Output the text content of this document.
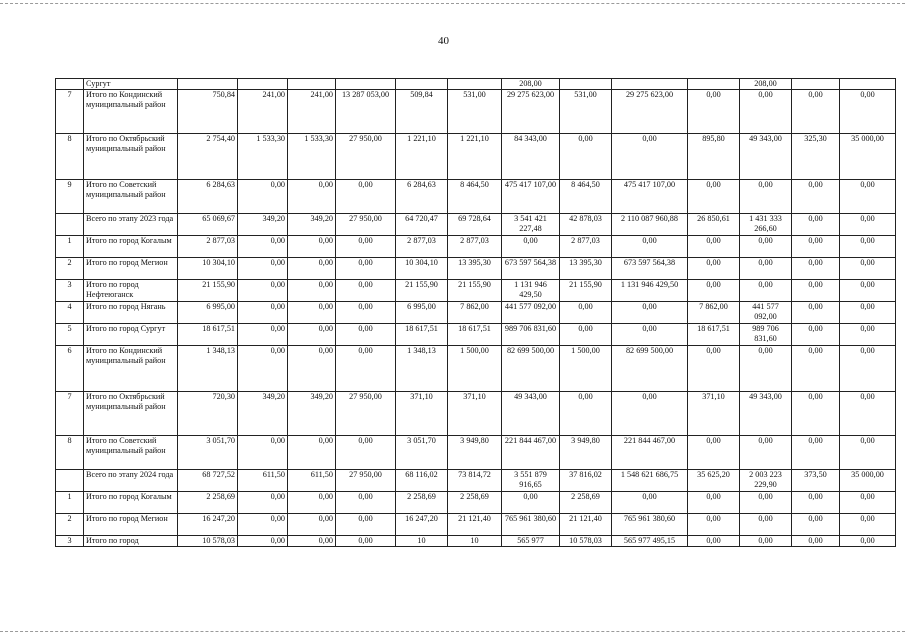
40
	Сургут							208,00				208,00		
7	Итого по Кондинский муниципальный район	750,84	241,00	241,00	13 287 053,00	509,84	531,00	29 275 623,00	531,00	29 275 623,00	0,00	0,00	0,00	0,00
8	Итого по Октябрьский муниципальный район	2 754,40	1 533,30	1 533,30	27 950,00	1 221,10	1 221,10	84 343,00	0,00	0,00	895,80	49 343,00	325,30	35 000,00
9	Итого по Советский муниципальный район	6 284,63	0,00	0,00	0,00	6 284,63	8 464,50	475 417 107,00	8 464,50	475 417 107,00	0,00	0,00	0,00	0,00
	Всего по этапу 2023 года	65 069,67	349,20	349,20	27 950,00	64 720,47	69 728,64	3 541 421 227,48	42 878,03	2 110 087 960,88	26 850,61	1 431 333 266,60	0,00	0,00
1	Итого по город Когалым	2 877,03	0,00	0,00	0,00	2 877,03	2 877,03	0,00	2 877,03	0,00	0,00	0,00	0,00	0,00
2	Итого по город Мегион	10 304,10	0,00	0,00	0,00	10 304,10	13 395,30	673 597 564,38	13 395,30	673 597 564,38	0,00	0,00	0,00	0,00
3	Итого по город Нефтеюганск	21 155,90	0,00	0,00	0,00	21 155,90	21 155,90	1 131 946 429,50	21 155,90	1 131 946 429,50	0,00	0,00	0,00	0,00
4	Итого по город Нягань	6 995,00	0,00	0,00	0,00	6 995,00	7 862,00	441 577 092,00	0,00	0,00	7 862,00	441 577 092,00	0,00	0,00
5	Итого по город Сургут	18 617,51	0,00	0,00	0,00	18 617,51	18 617,51	989 706 831,60	0,00	0,00	18 617,51	989 706 831,60	0,00	0,00
6	Итого по Кондинский муниципальный район	1 348,13	0,00	0,00	0,00	1 348,13	1 500,00	82 699 500,00	1 500,00	82 699 500,00	0,00	0,00	0,00	0,00
7	Итого по Октябрьский муниципальный район	720,30	349,20	349,20	27 950,00	371,10	371,10	49 343,00	0,00	0,00	371,10	49 343,00	0,00	0,00
8	Итого по Советский муниципальный район	3 051,70	0,00	0,00	0,00	3 051,70	3 949,80	221 844 467,00	3 949,80	221 844 467,00	0,00	0,00	0,00	0,00
	Всего по этапу 2024 года	68 727,52	611,50	611,50	27 950,00	68 116,02	73 814,72	3 551 879 916,65	37 816,02	1 548 621 686,75	35 625,20	2 003 223 229,90	373,50	35 000,00
1	Итого по город Когалым	2 258,69	0,00	0,00	0,00	2 258,69	2 258,69	0,00	2 258,69	0,00	0,00	0,00	0,00	0,00
2	Итого по город Мегион	16 247,20	0,00	0,00	0,00	16 247,20	21 121,40	765 961 380,60	21 121,40	765 961 380,60	0,00	0,00	0,00	0,00
3	Итого по город	10 578,03	0,00	0,00	0,00	10	10	565 977	10 578,03	565 977 495,15	0,00	0,00	0,00	0,00
